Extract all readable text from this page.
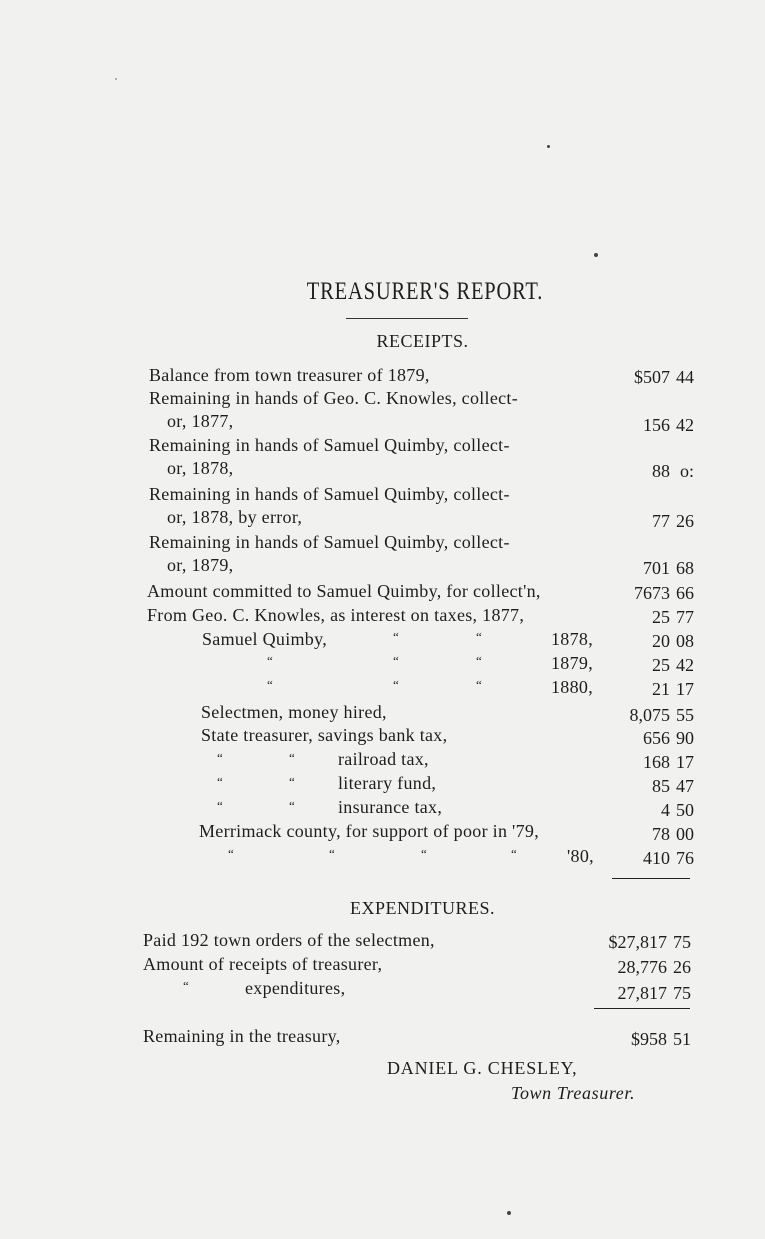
TREASURER'S REPORT.
RECEIPTS.
Balance from town treasurer of 1879,	$507 44
Remaining in hands of Geo. C. Knowles, collect-
or, 1877,	156 42
Remaining in hands of Samuel Quimby, collect-
or, 1878,	88 o:
Remaining in hands of Samuel Quimby, collect-
or, 1878, by error,	77 26
Remaining in hands of Samuel Quimby, collect-
or, 1879,	701 68
Amount committed to Samuel Quimby, for collect'n,	7673 66
From Geo. C. Knowles, as interest on taxes, 1877,	25 77
Samuel Quimby,	“	“	1878,	20 08
“	“	“	1879,	25 42
“	“	“	1880,	21 17
Selectmen, money hired,	8,075 55
State treasurer, savings bank tax,	656 90
“	“ railroad tax,	168 17
“	“ literary fund,	85 47
“	“ insurance tax,	4 50
Merrimack county, for support of poor in '79,	78 00
“	“	“	“	'80,	410 76
EXPENDITURES.
Paid 192 town orders of the selectmen,	$27,817 75
Amount of receipts of treasurer,	28,776 26
“	expenditures,	27,817 75
Remaining in the treasury,	$958 51
DANIEL G. CHESLEY,
Town Treasurer.
